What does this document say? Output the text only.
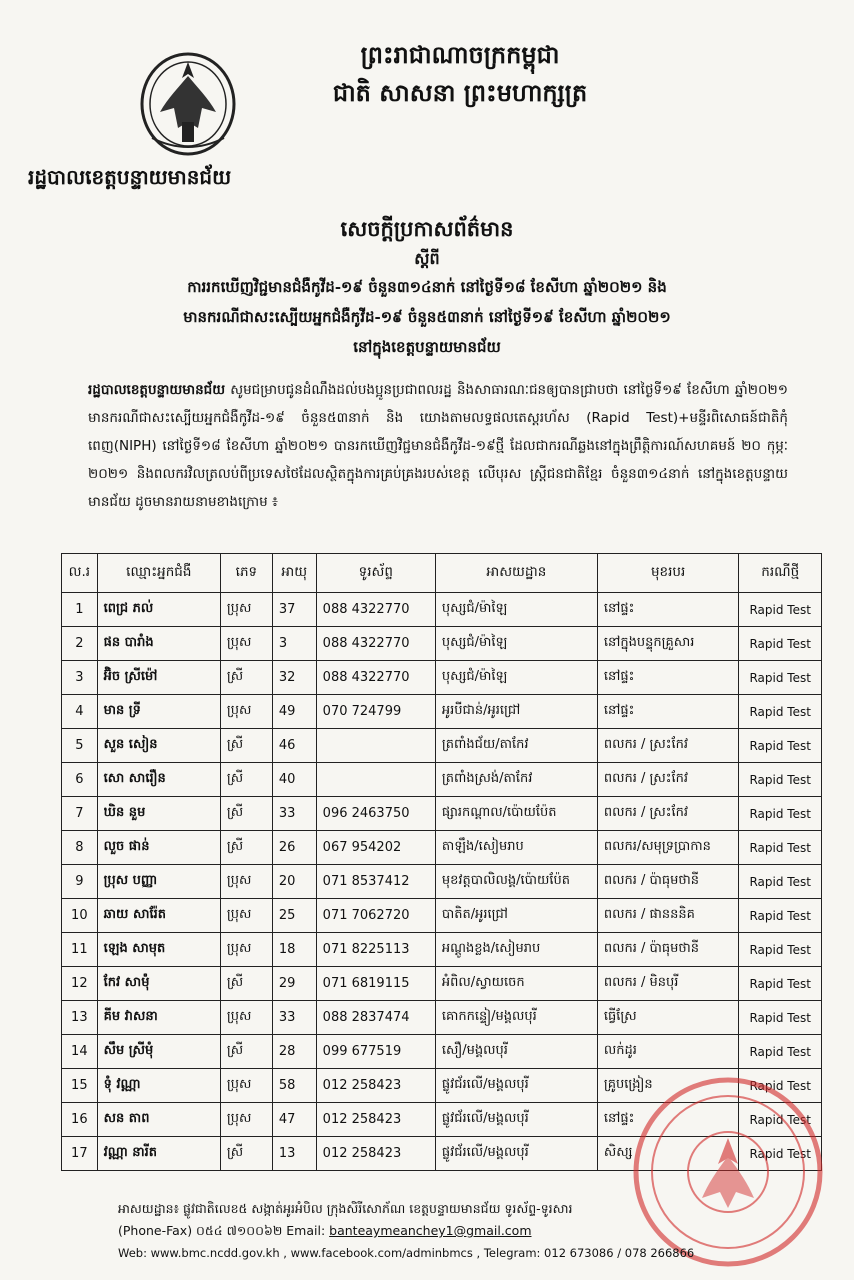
ព្រះរាជាណាចក្រកម្ពុជា
ជាតិ សាសនា ព្រះមហាក្សត្រ
រដ្ឋបាលខេត្តបន្ទាយមានជ័យ
សេចក្តីប្រកាសព័ត៌មាន
ស្តីពី
ការរកឃើញវិជ្ជមានជំងឺកូវីដ-១៩ ចំនួន៣១៤នាក់ នៅថ្ងៃទី១៨ ខែសីហា ឆ្នាំ២០២១ និង
មានករណីជាសះស្បើយអ្នកជំងឺកូវីដ-១៩ ចំនួន៥៣នាក់ នៅថ្ងៃទី១៩ ខែសីហា ឆ្នាំ២០២១
នៅក្នុងខេត្តបន្ទាយមានជ័យ
រដ្ឋបាលខេត្តបន្ទាយមានជ័យ សូមជម្រាបជូនដំណឹងដល់បងប្អូនប្រជាពលរដ្ឋ និងសាធារណៈជនឲ្យបានជ្រាបថា នៅថ្ងៃទី១៩ ខែសីហា ឆ្នាំ២០២១ មានករណីជាសះស្បើយអ្នកជំងឺកូវីដ-១៩ ចំនួន៥៣នាក់ និង យោងតាមលទ្ធផលតេស្តរហ័ស (Rapid Test)+មន្ទីរពិសោធន៍ជាតិកុំពេញ(NIPH) នៅថ្ងៃទី១៨ ខែសីហា ឆ្នាំ២០២១ បានរកឃើញវិជ្ជមានជំងឺកូវីដ-១៩ថ្មី ដែលជាករណីឆ្លងនៅក្នុងព្រឹត្តិការណ៍សហគមន៍ ២០ កុម្ភៈ ២០២១ និងពលករវិលត្រលប់ពីប្រទេសថៃដែលស្ថិតក្នុងការគ្រប់គ្រងរបស់ខេត្ត លើបុរស ស្ត្រីជនជាតិខ្មែរ ចំនួន៣១៤នាក់ នៅក្នុងខេត្តបន្ទាយមានជ័យ ដូចមានរាយនាមខាងក្រោម ៖
ល.រ	ឈ្មោះអ្នកជំងឺ	ភេទ	អាយុ	ទូរស័ព្ទ	អាសយដ្ឋាន	មុខរបរ	ករណីថ្មី
1	ពេជ្រ ភល់	ប្រុស	37	088 4322770	បុស្សជំ/ម៉ាឡៃ	នៅផ្ទះ	Rapid Test
2	ផន បារាំង	ប្រុស	3	088 4322770	បុស្សជំ/ម៉ាឡៃ	នៅក្នុងបន្ទុកគ្រួសារ	Rapid Test
3	អ៊ិច ស្រីម៉ៅ	ស្រី	32	088 4322770	បុស្សជំ/ម៉ាឡៃ	នៅផ្ទះ	Rapid Test
4	មាន ទ្រី	ប្រុស	49	070 724799	អូរបីជាន់/អូរជ្រៅ	នៅផ្ទះ	Rapid Test
5	សួន សៀន	ស្រី	46		ត្រពាំងជ័យ/តាកែវ	ពលករ / ស្រះកែវ	Rapid Test
6	សោ សារឿន	ស្រី	40		ត្រពាំងស្រង់/តាកែវ	ពលករ / ស្រះកែវ	Rapid Test
7	ឃិន នួម	ស្រី	33	096 2463750	ផ្សារកណ្តាល/ប៉ោយប៉ែត	ពលករ / ស្រះកែវ	Rapid Test
8	លួច ផាន់	ស្រី	26	067 954202	តាឡឹង/សៀមរាប	ពលករ/សមុទ្រប្រាកាន	Rapid Test
9	ប្រុស បញ្ញា	ប្រុស	20	071 8537412	មុខវត្តបាលិលង្គ/ប៉ោយប៉ែត	ពលករ / ប៉ាធុមថានី	Rapid Test
10	ឆាយ សារ៉ែត	ប្រុស	25	071 7062720	បាតិត/អូរជ្រៅ	ពលករ / ផានននិគ	Rapid Test
11	ឡេង សាមុត	ប្រុស	18	071 8225113	អណ្តូងខ្លង/សៀមរាប	ពលករ / ប៉ាធុមថានី	Rapid Test
12	កែវ សាម៉ុំ	ស្រី	29	071 6819115	អំពិល/ស្វាយចេក	ពលករ / មិនបុរី	Rapid Test
13	គីម វាសនា	ប្រុស	33	088 2837474	គោកកន្ទៀ/មង្គលបុរី	ធ្វើស្រែ	Rapid Test
14	សឹម ស្រីមុំ	ស្រី	28	099 677519	សឿ/មង្គលបុរី	លក់ដូរ	Rapid Test
15	ទុំ វណ្ណា	ប្រុស	58	012 258423	ផ្លូវជ័រលើ/មង្គលបុរី	គ្រូបង្រៀន	Rapid Test
16	សន តាព	ប្រុស	47	012 258423	ផ្លូវជ័រលើ/មង្គលបុរី	នៅផ្ទះ	Rapid Test
17	វណ្ណា នារីត	ស្រី	13	012 258423	ផ្លូវជ័រលើ/មង្គលបុរី	សិស្ស	Rapid Test
អាសយដ្ឋាន៖ ផ្លូវជាតិលេខ៥ សង្កាត់អូរអំបិល ក្រុងសិរីសោភ័ណ ខេត្តបន្ទាយមានជ័យ ទូរស័ព្ទ-ទូរសារ
(Phone-Fax) ០៥៤ ៧១០០៦២ Email: banteaymeanchey1@gmail.com
Web: www.bmc.ncdd.gov.kh , www.facebook.com/adminbmcs , Telegram: 012 673086 / 078 266866
